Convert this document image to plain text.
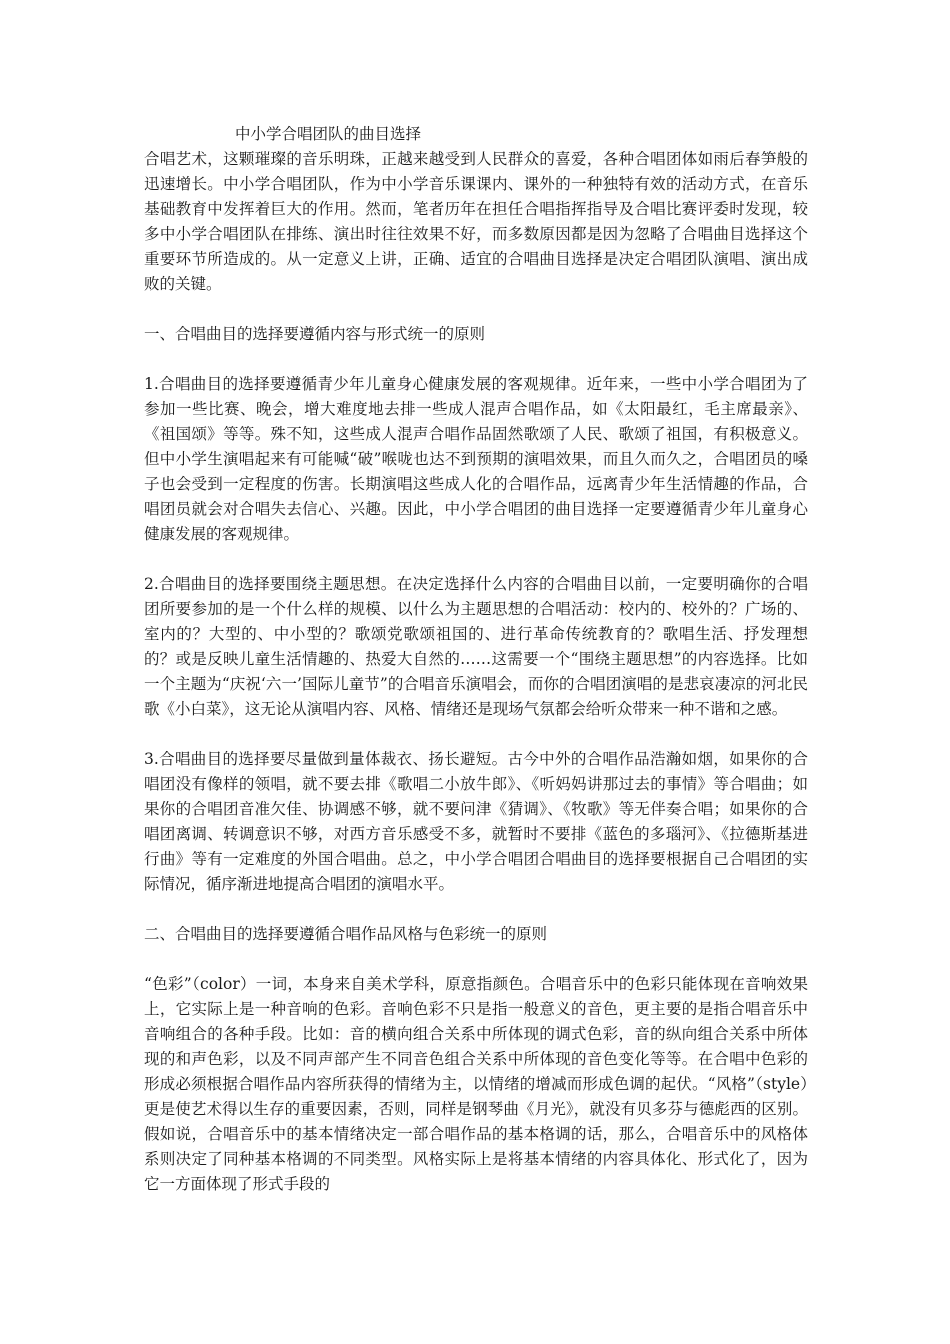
中小学合唱团队的曲目选择

合唱艺术，这颗璀璨的音乐明珠，正越来越受到人民群众的喜爱，各种合唱团体如雨后春笋般的迅速增长。中小学合唱团队，作为中小学音乐课课内、课外的一种独特有效的活动方式，在音乐基础教育中发挥着巨大的作用。然而，笔者历年在担任合唱指挥指导及合唱比赛评委时发现，较多中小学合唱团队在排练、演出时往往效果不好，而多数原因都是因为忽略了合唱曲目选择这个重要环节所造成的。从一定意义上讲，正确、适宜的合唱曲目选择是决定合唱团队演唱、演出成败的关键。

一、合唱曲目的选择要遵循内容与形式统一的原则

1.合唱曲目的选择要遵循青少年儿童身心健康发展的客观规律。近年来，一些中小学合唱团为了参加一些比赛、晚会，增大难度地去排一些成人混声合唱作品，如《太阳最红，毛主席最亲》、《祖国颂》等等。殊不知，这些成人混声合唱作品固然歌颂了人民、歌颂了祖国，有积极意义。但中小学生演唱起来有可能喊“破”喉咙也达不到预期的演唱效果，而且久而久之，合唱团员的嗓子也会受到一定程度的伤害。长期演唱这些成人化的合唱作品，远离青少年生活情趣的作品，合唱团员就会对合唱失去信心、兴趣。因此，中小学合唱团的曲目选择一定要遵循青少年儿童身心健康发展的客观规律。

2.合唱曲目的选择要围绕主题思想。在决定选择什么内容的合唱曲目以前，一定要明确你的合唱团所要参加的是一个什么样的规模、以什么为主题思想的合唱活动：校内的、校外的？广场的、室内的？大型的、中小型的？歌颂党歌颂祖国的、进行革命传统教育的？歌唱生活、抒发理想的？或是反映儿童生活情趣的、热爱大自然的……这需要一个“围绕主题思想”的内容选择。比如一个主题为“庆祝‘六一’国际儿童节”的合唱音乐演唱会，而你的合唱团演唱的是悲哀凄凉的河北民歌《小白菜》，这无论从演唱内容、风格、情绪还是现场气氛都会给听众带来一种不谐和之感。

3.合唱曲目的选择要尽量做到量体裁衣、扬长避短。古今中外的合唱作品浩瀚如烟，如果你的合唱团没有像样的领唱，就不要去排《歌唱二小放牛郎》、《听妈妈讲那过去的事情》等合唱曲；如果你的合唱团音准欠佳、协调感不够，就不要问津《猜调》、《牧歌》等无伴奏合唱；如果你的合唱团离调、转调意识不够，对西方音乐感受不多，就暂时不要排《蓝色的多瑙河》、《拉德斯基进行曲》等有一定难度的外国合唱曲。总之，中小学合唱团合唱曲目的选择要根据自己合唱团的实际情况，循序渐进地提高合唱团的演唱水平。

二、合唱曲目的选择要遵循合唱作品风格与色彩统一的原则

“色彩”（color）一词，本身来自美术学科，原意指颜色。合唱音乐中的色彩只能体现在音响效果上，它实际上是一种音响的色彩。音响色彩不只是指一般意义的音色，更主要的是指合唱音乐中音响组合的各种手段。比如：音的横向组合关系中所体现的调式色彩，音的纵向组合关系中所体现的和声色彩，以及不同声部产生不同音色组合关系中所体现的音色变化等等。在合唱中色彩的形成必须根据合唱作品内容所获得的情绪为主，以情绪的增减而形成色调的起伏。“风格”（style）更是使艺术得以生存的重要因素，否则，同样是钢琴曲《月光》，就没有贝多芬与德彪西的区别。假如说，合唱音乐中的基本情绪决定一部合唱作品的基本格调的话，那么，合唱音乐中的风格体系则决定了同种基本格调的不同类型。风格实际上是将基本情绪的内容具体化、形式化了，因为它一方面体现了形式手段的
